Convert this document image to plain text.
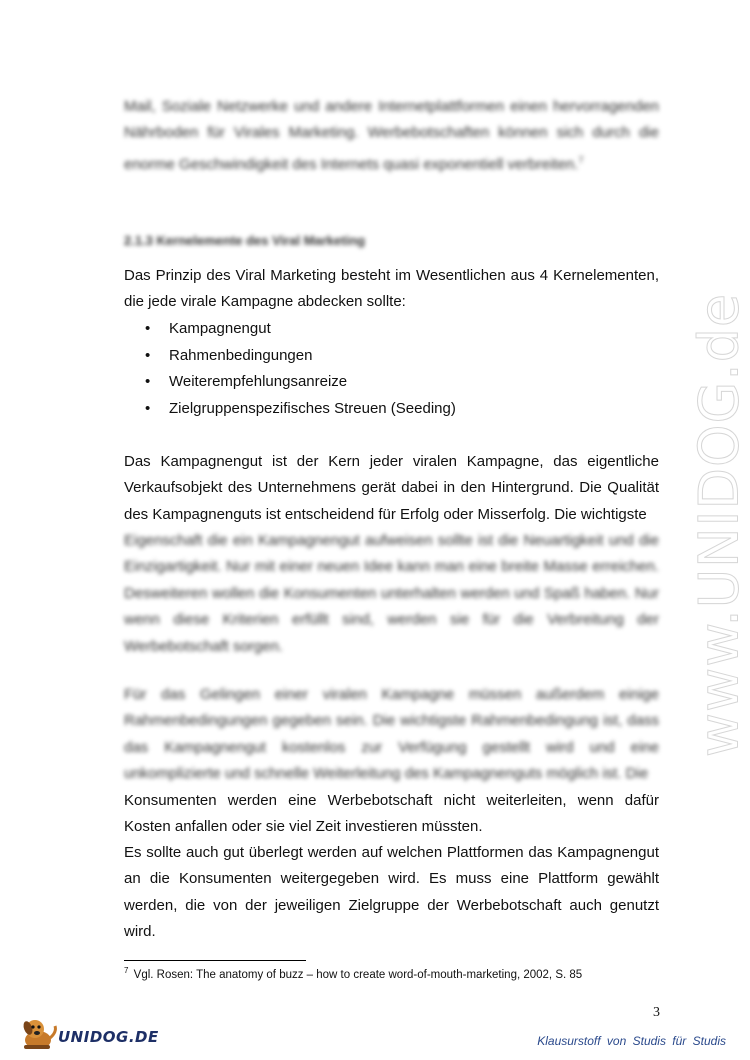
www.UNIDOG.de

Mail, Soziale Netzwerke und andere Internetplattformen einen hervorragenden Nährboden für Virales Marketing. Werbebotschaften können sich durch die enorme Geschwindigkeit des Internets quasi exponentiell verbreiten.$^7$

2.1.3 Kernelemente des Viral Marketing

Das Prinzip des Viral Marketing besteht im Wesentlichen aus 4 Kernelementen, die jede virale Kampagne abdecken sollte:

• Kampagnengut
• Rahmenbedingungen
• Weiterempfehlungsanreize
• Zielgruppenspezifisches Streuen (Seeding)

Das Kampagnengut ist der Kern jeder viralen Kampagne, das eigentliche Verkaufsobjekt des Unternehmens gerät dabei in den Hintergrund. Die Qualität des Kampagnenguts ist entscheidend für Erfolg oder Misserfolg. Die wichtigste

Eigenschaft die ein Kampagnengut aufweisen sollte ist die Neuartigkeit und die Einzigartigkeit. Nur mit einer neuen Idee kann man eine breite Masse erreichen. Desweiteren wollen die Konsumenten unterhalten werden und Spaß haben. Nur wenn diese Kriterien erfüllt sind, werden sie für die Verbreitung der Werbebotschaft sorgen.

Für das Gelingen einer viralen Kampagne müssen außerdem einige Rahmenbedingungen gegeben sein. Die wichtigste Rahmenbedingung ist, dass das Kampagnengut kostenlos zur Verfügung gestellt wird und eine unkomplizierte und schnelle Weiterleitung des Kampagnenguts möglich ist. Die

Konsumenten werden eine Werbebotschaft nicht weiterleiten, wenn dafür Kosten anfallen oder sie viel Zeit investieren müssten.

Es sollte auch gut überlegt werden auf welchen Plattformen das Kampagnengut an die Konsumenten weitergegeben wird. Es muss eine Plattform gewählt werden, die von der jeweiligen Zielgruppe der Werbebotschaft auch genutzt wird.

$^7$ Vgl. Rosen: The anatomy of buzz – how to create word-of-mouth-marketing, 2002, S. 85
3
UNIDOG.DE	Klausurstoff von Studis für Studis
